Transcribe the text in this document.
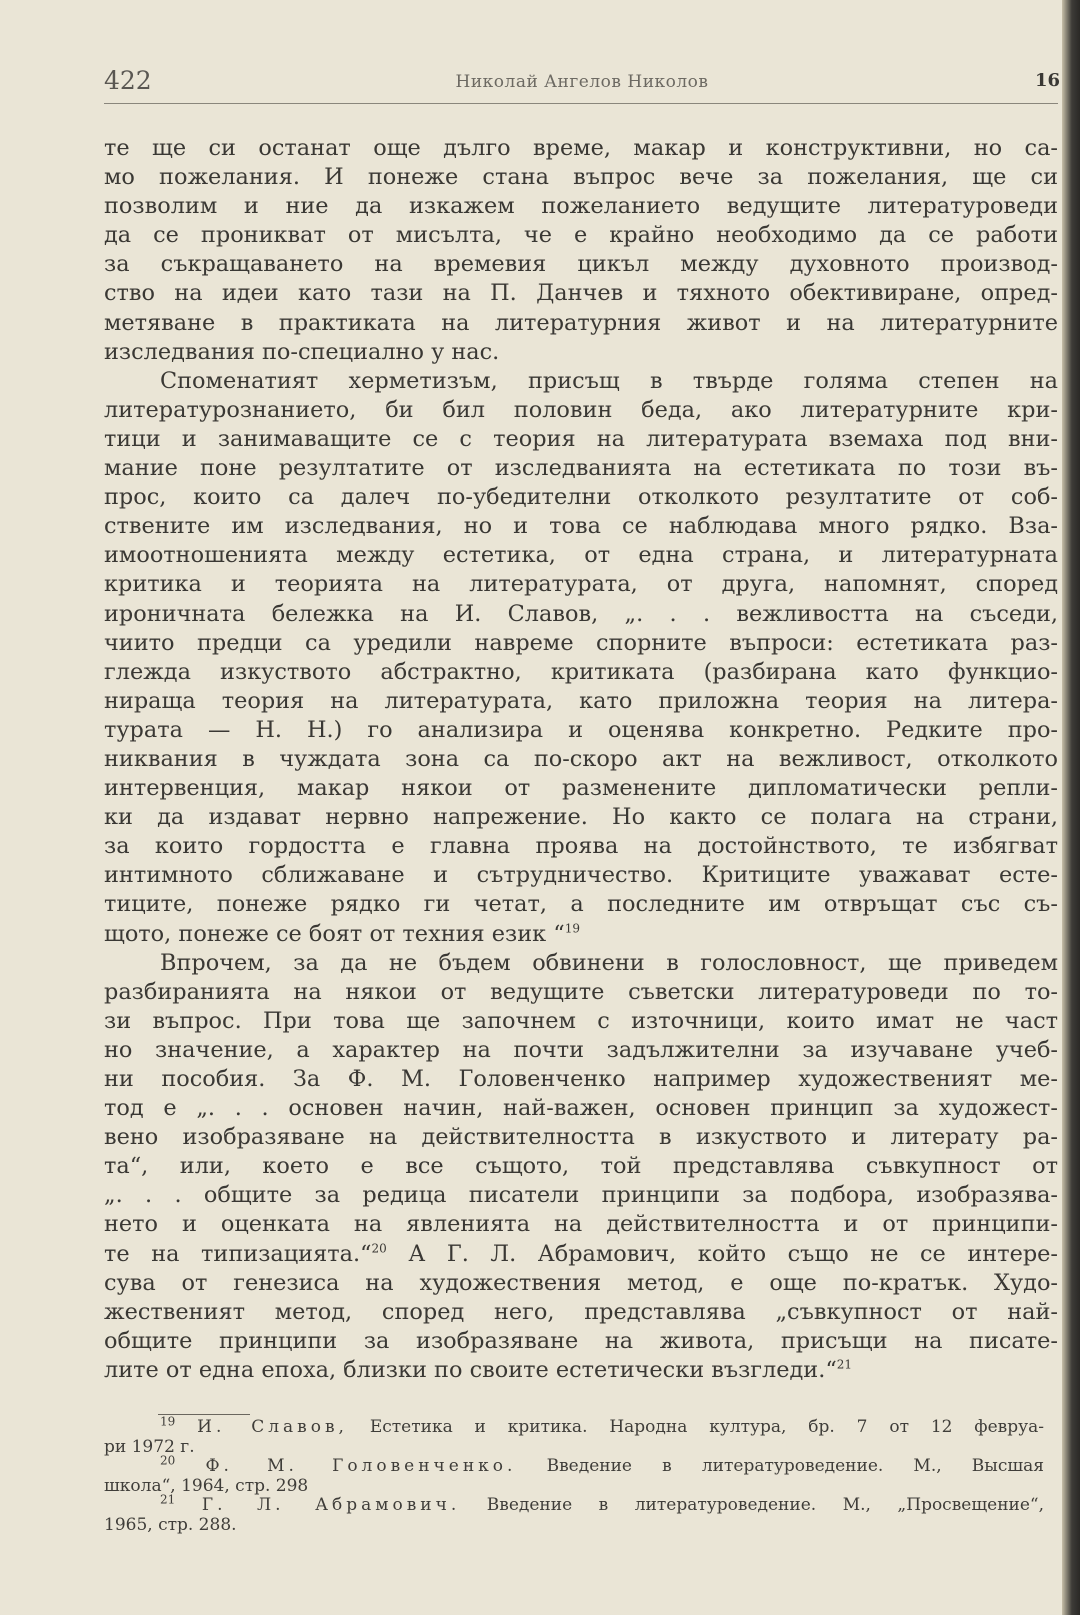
422	Николай Ангелов Николов	16
те ще си останат още дълго време, макар и конструктивни, но са-
мо пожелания. И понеже стана въпрос вече за пожелания, ще си
позволим и ние да изкажем пожеланието ведущите литературоведи
да се проникват от мисълта, че е крайно необходимо да се работи
за съкращаването на времевия цикъл между духовното производ-
ство на идеи като тази на П. Данчев и тяхното обективиране, опред-
метяване в практиката на литературния живот и на литературните
изследвания по-специално у нас.
Споменатият херметизъм, присъщ в твърде голяма степен на
литературознанието, би бил половин беда, ако литературните кри-
тици и занимаващите се с теория на литературата вземаха под вни-
мание поне резултатите от изследванията на естетиката по този въ-
прос, които са далеч по-убедителни отколкото резултатите от соб-
ствените им изследвания, но и това се наблюдава много рядко. Вза-
имоотношенията между естетика, от една страна, и литературната
критика и теорията на литературата, от друга, напомнят, според
ироничната бележка на И. Славов, „. . . вежливостта на съседи,
чиито предци са уредили навреме спорните въпроси: естетиката раз-
глежда изкуството абстрактно, критиката (разбирана като функцио-
ниращa теория на литературата, като приложна теория на литера-
турата — Н. Н.) го анализира и оценява конкретно. Редките про-
никвания в чуждата зона са по-скоро акт на вежливост, отколкото
интервенция, макар някои от разменените дипломатически репли-
ки да издават нервно напрежение. Но както се полага на страни,
за които гордостта е главна проява на достойнството, те избягват
интимното сближаване и сътрудничество. Критиците уважават есте-
тиците, понеже рядко ги четат, а последните им отвръщат със съ-
щото, понеже се боят от техния език “$^{19}$
Впрочем, за да не бъдем обвинени в голословност, ще приведем
разбиранията на някои от ведущите съветски литературоведи по то-
зи въпрос. При това ще започнем с източници, които имат не част
но значение, а характер на почти задължителни за изучаване учеб-
ни пособия. За Ф. М. Головенченко например художественият ме-
тод е „. . . основен начин, най-важен, основен принцип за художест-
вено изобразяване на действителността в изкуството и литерату ра-
та“, или, което е все същото, той представлява съвкупност от
„. . . общите за редица писатели принципи за подбора, изобразява-
нето и оценката на явленията на действителността и от принципи-
те на типизацията.“$^{20}$ А Г. Л. Абрамович, който също не се интере-
сува от генезиса на художествения метод, е още по-кратък. Худо-
жественият метод, според него, представлява „съвкупност от най-
общите принципи за изобразяване на живота, присъщи на писате-
лите от една епоха, близки по своите естетически възгледи.“$^{21}$
$^{19}$ И. Славов, Естетика и критика. Народна култура, бр. 7 от 12 февруа-
ри 1972 г.
$^{20}$ Ф. М. Головенченко. Введение в литературоведение. М., Высшая
школа“, 1964, стр. 298
$^{21}$ Г. Л. Абрамович. Введение в литературоведение. М., „Просвещение“,
1965, стр. 288.
